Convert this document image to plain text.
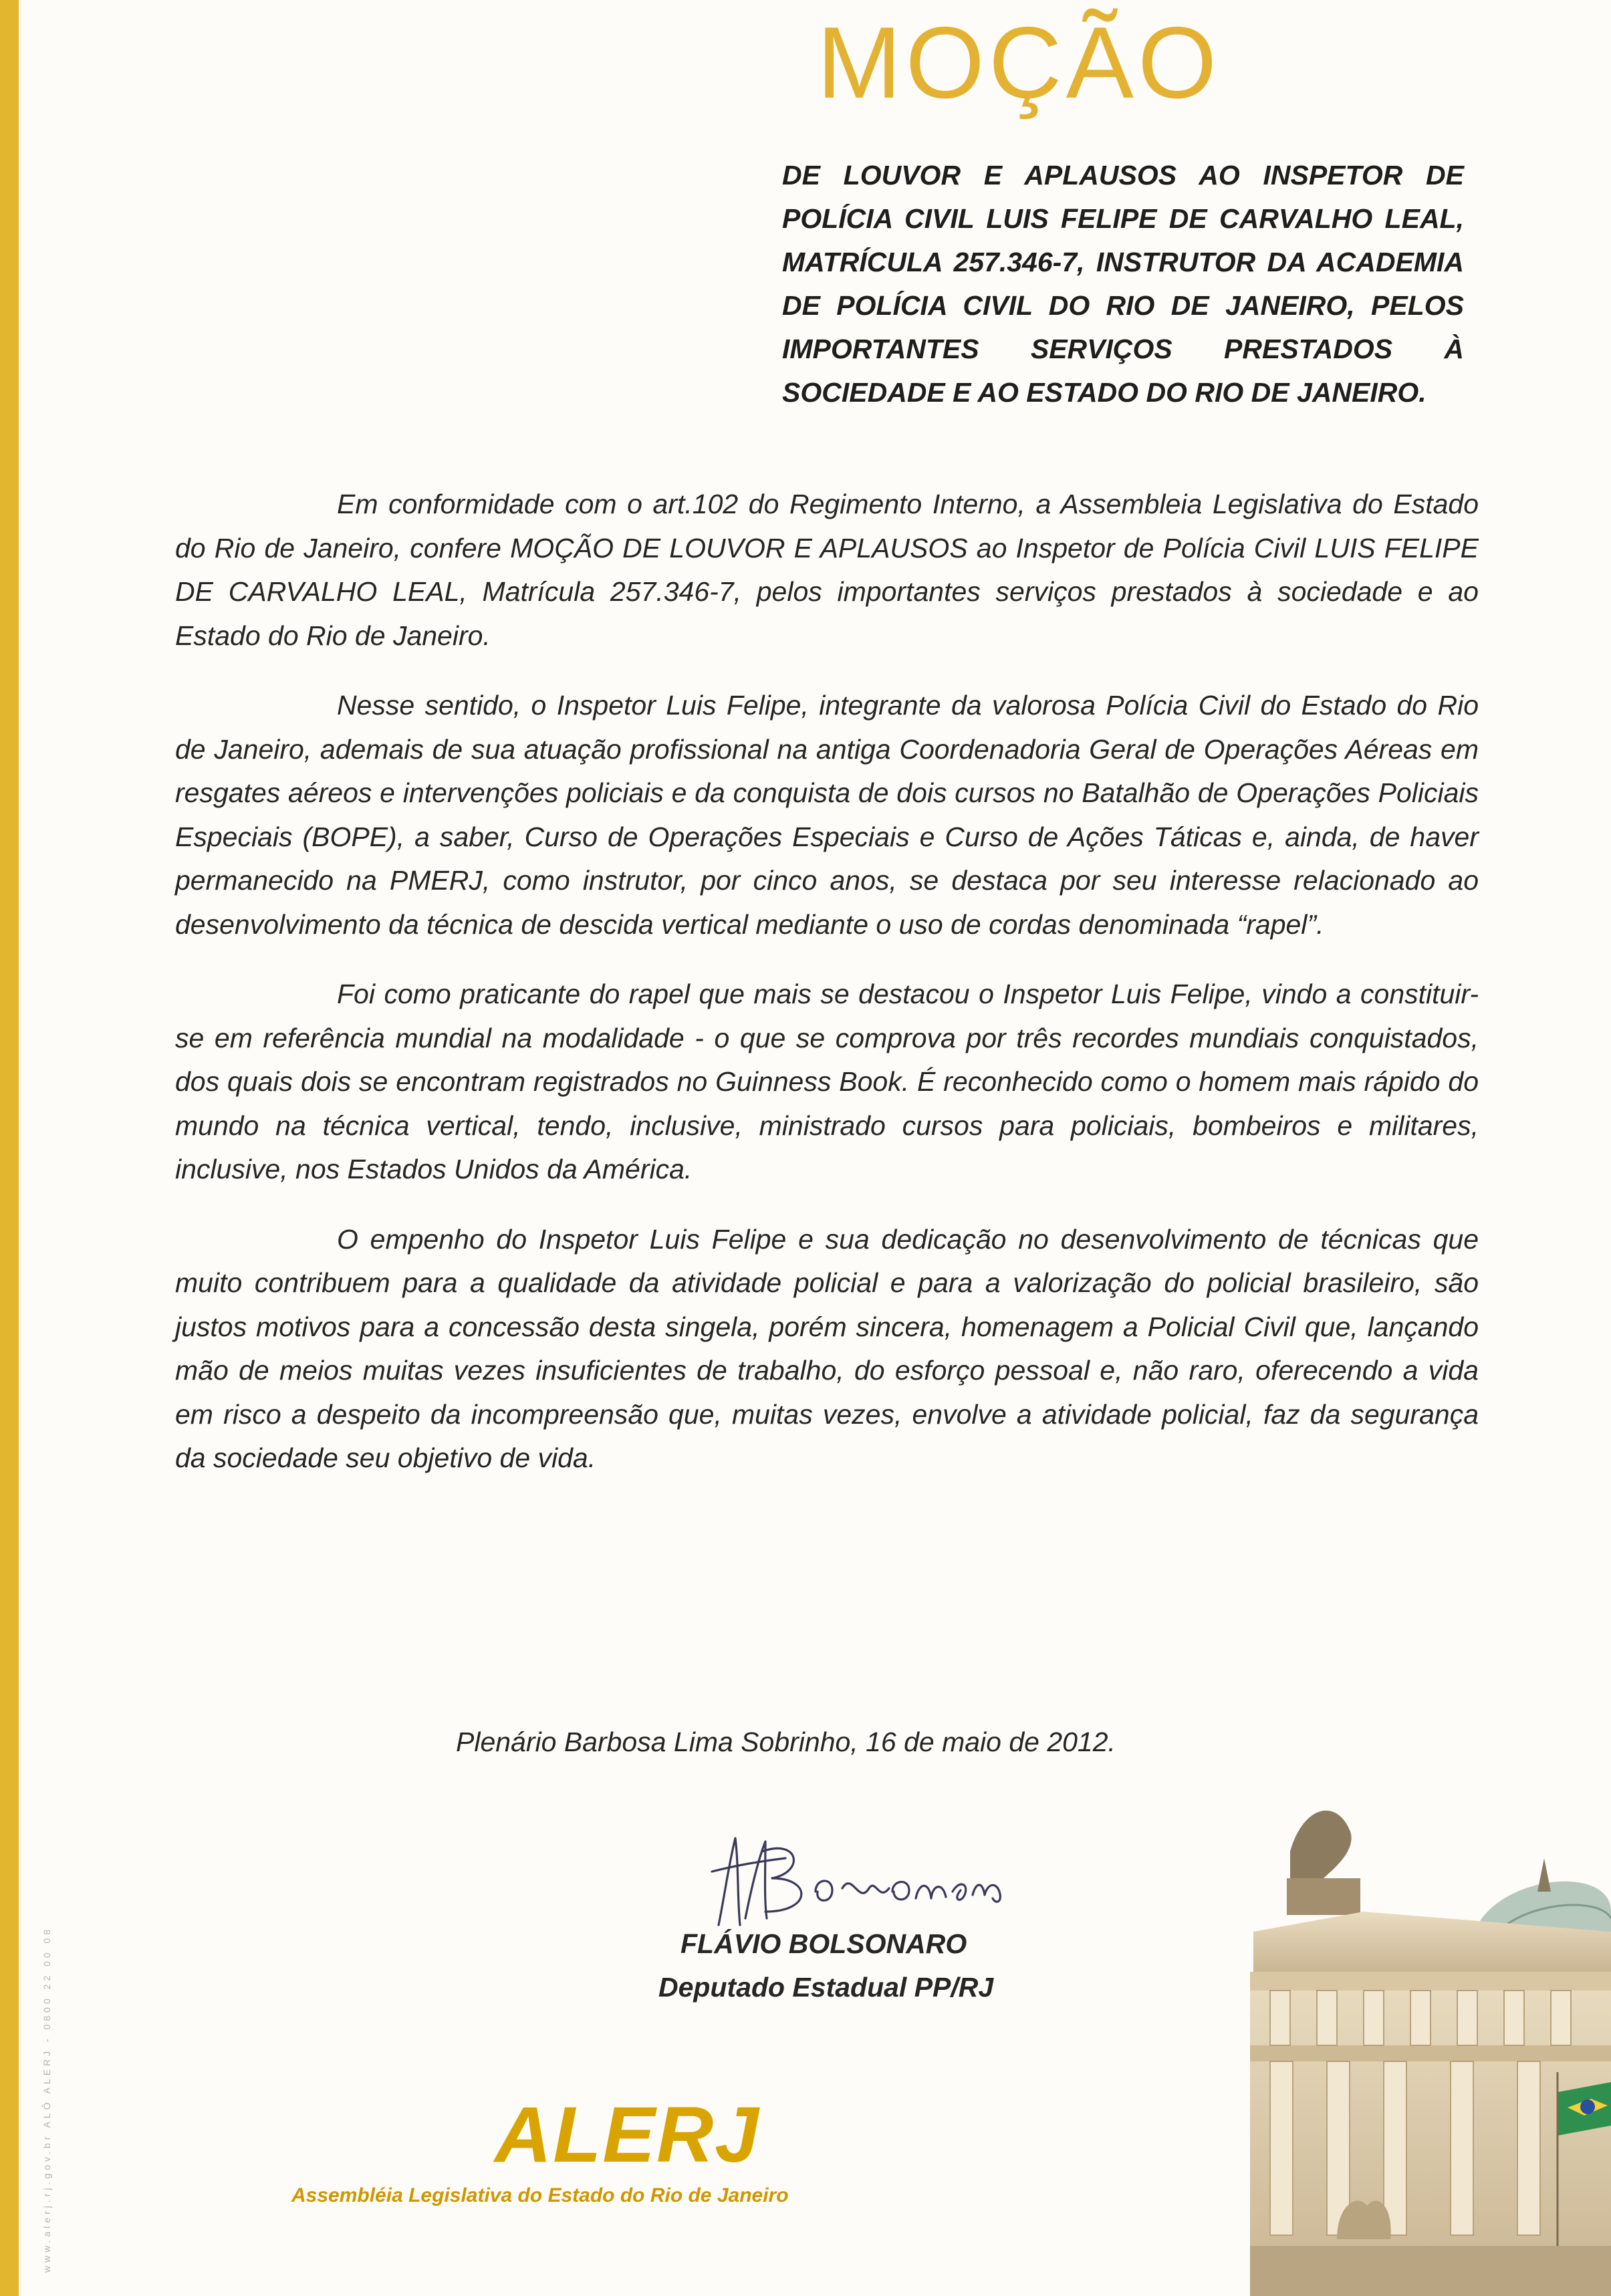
www.alerj.rj.gov.br ALÔ ALERJ - 0800 22 00 08
MOÇÃO
DE LOUVOR E APLAUSOS AO INSPETOR DE POLÍCIA CIVIL LUIS FELIPE DE CARVALHO LEAL, MATRÍCULA 257.346-7, INSTRUTOR DA ACADEMIA DE POLÍCIA CIVIL DO RIO DE JANEIRO, PELOS IMPORTANTES SERVIÇOS PRESTADOS À SOCIEDADE E AO ESTADO DO RIO DE JANEIRO.

Em conformidade com o art.102 do Regimento Interno, a Assembleia Legislativa do Estado do Rio de Janeiro, confere MOÇÃO DE LOUVOR E APLAUSOS ao Inspetor de Polícia Civil LUIS FELIPE DE CARVALHO LEAL, Matrícula 257.346-7, pelos importantes serviços prestados à sociedade e ao Estado do Rio de Janeiro.

Nesse sentido, o Inspetor Luis Felipe, integrante da valorosa Polícia Civil do Estado do Rio de Janeiro, ademais de sua atuação profissional na antiga Coordenadoria Geral de Operações Aéreas em resgates aéreos e intervenções policiais e da conquista de dois cursos no Batalhão de Operações Policiais Especiais (BOPE), a saber, Curso de Operações Especiais e Curso de Ações Táticas e, ainda, de haver permanecido na PMERJ, como instrutor, por cinco anos, se destaca por seu interesse relacionado ao desenvolvimento da técnica de descida vertical mediante o uso de cordas denominada “rapel”.

Foi como praticante do rapel que mais se destacou o Inspetor Luis Felipe, vindo a constituir-se em referência mundial na modalidade - o que se comprova por três recordes mundiais conquistados, dos quais dois se encontram registrados no Guinness Book. É reconhecido como o homem mais rápido do mundo na técnica vertical, tendo, inclusive, ministrado cursos para policiais, bombeiros e militares, inclusive, nos Estados Unidos da América.

O empenho do Inspetor Luis Felipe e sua dedicação no desenvolvimento de técnicas que muito contribuem para a qualidade da atividade policial e para a valorização do policial brasileiro, são justos motivos para a concessão desta singela, porém sincera, homenagem a Policial Civil que, lançando mão de meios muitas vezes insuficientes de trabalho, do esforço pessoal e, não raro, oferecendo a vida em risco a despeito da incompreensão que, muitas vezes, envolve a atividade policial, faz da segurança da sociedade seu objetivo de vida.

Plenário Barbosa Lima Sobrinho, 16 de maio de 2012.
FLÁVIO BOLSONARO
Deputado Estadual PP/RJ
ALERJ
Assembléia Legislativa do Estado do Rio de Janeiro
